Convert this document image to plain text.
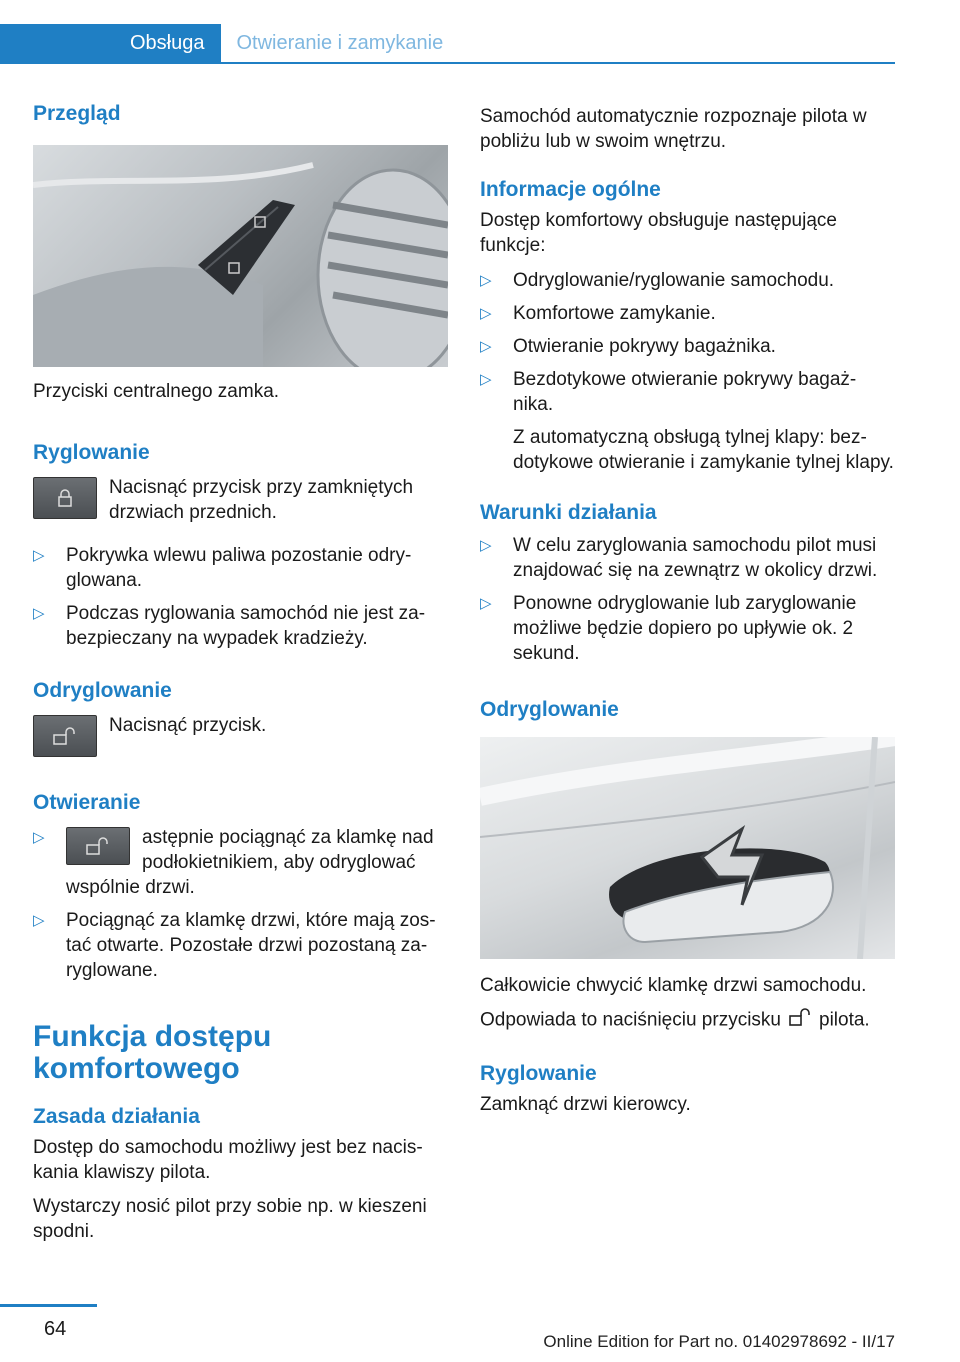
Obsługa	Otwieranie i zamykanie
Przegląd

Przyciski centralnego zamka.

Ryglowanie

Nacisnąć przycisk przy zamkniętych drzwiach przednich.

▷ Pokrywka wlewu paliwa pozostanie odry-glowana.
▷ Podczas ryglowania samochód nie jest za-bezpieczany na wypadek kradzieży.
Odryglowanie

Nacisnąć przycisk.

Otwieranie
▷	astępnie pociągnąć za klamkę nad podłokietnikiem, aby odryglować
wspólnie drzwi.
▷ Pociągnąć za klamkę drzwi, które mają zos-tać otwarte. Pozostałe drzwi pozostaną za-ryglowane.
Funkcja dostępu komfortowego
Zasada działania

Dostęp do samochodu możliwy jest bez nacis-kania klawiszy pilota.

Wystarczy nosić pilot przy sobie np. w kieszeni spodni.

Samochód automatycznie rozpoznaje pilota w pobliżu lub w swoim wnętrzu.

Informacje ogólne

Dostęp komfortowy obsługuje następujące funkcje:

▷ Odryglowanie/ryglowanie samochodu.
▷ Komfortowe zamykanie.
▷ Otwieranie pokrywy bagażnika.
▷ Bezdotykowe otwieranie pokrywy bagaż-nika.

Z automatyczną obsługą tylnej klapy: bez-dotykowe otwieranie i zamykanie tylnej klapy.

Warunki działania
▷ W celu zaryglowania samochodu pilot musi znajdować się na zewnątrz w okolicy drzwi.
▷ Ponowne odryglowanie lub zaryglowanie możliwe będzie dopiero po upływie ok. 2 sekund.
Odryglowanie

Całkowicie chwycić klamkę drzwi samochodu.

Odpowiada to naciśnięciu przycisku pilota.

Ryglowanie

Zamknąć drzwi kierowcy.

64
Online Edition for Part no. 01402978692 - II/17
